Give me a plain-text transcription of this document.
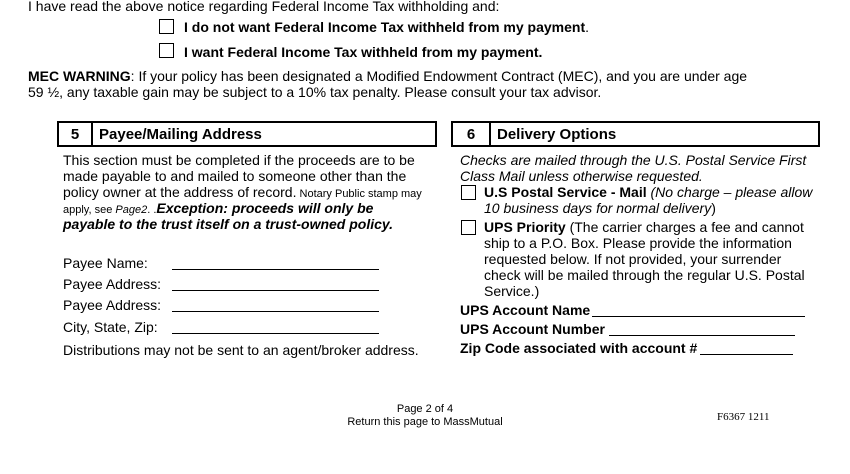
I have read the above notice regarding Federal Income Tax withholding and:
I do not want Federal Income Tax withheld from my payment.
I want Federal Income Tax withheld from my payment.
MEC WARNING: If your policy has been designated a Modified Endowment Contract (MEC), and you are under age
59 ½, any taxable gain may be subject to a 10% tax penalty. Please consult your tax advisor.
5	Payee/Mailing Address	6	Delivery Options
This section must be completed if the proceeds are to be
made payable to and mailed to someone other than the
policy owner at the address of record. Notary Public stamp may
apply, see Page2. .Exception: proceeds will only be
payable to the trust itself on a trust-owned policy.
Payee Name:
Payee Address:
Payee Address:
City, State, Zip:
Distributions may not be sent to an agent/broker address.
Checks are mailed through the U.S. Postal Service First
Class Mail unless otherwise requested.
U.S Postal Service - Mail (No charge – please allow
10 business days for normal delivery)
UPS Priority (The carrier charges a fee and cannot
ship to a P.O. Box. Please provide the information
requested below. If not provided, your surrender
check will be mailed through the regular U.S. Postal
Service.)
UPS Account Name
UPS Account Number
Zip Code associated with account #
Page 2 of 4
Return this page to MassMutual	F6367 1211
